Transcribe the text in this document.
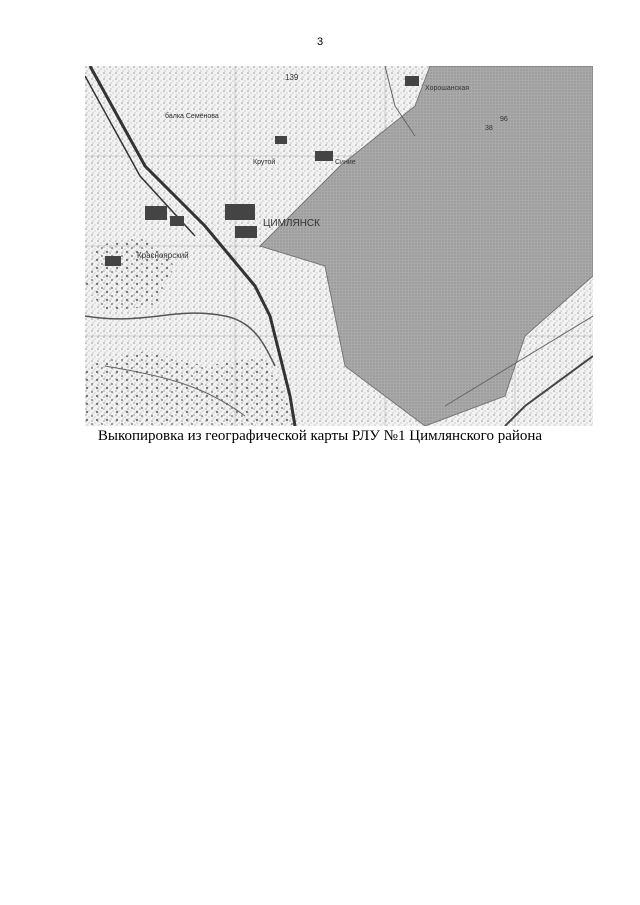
3
ЦИМЛЯНСК
Красноярский
Крутой	Синие
Хорошанская
балка Семёнова
139
96
38
Выкопировка из географической карты РЛУ №1 Цимлянского района
